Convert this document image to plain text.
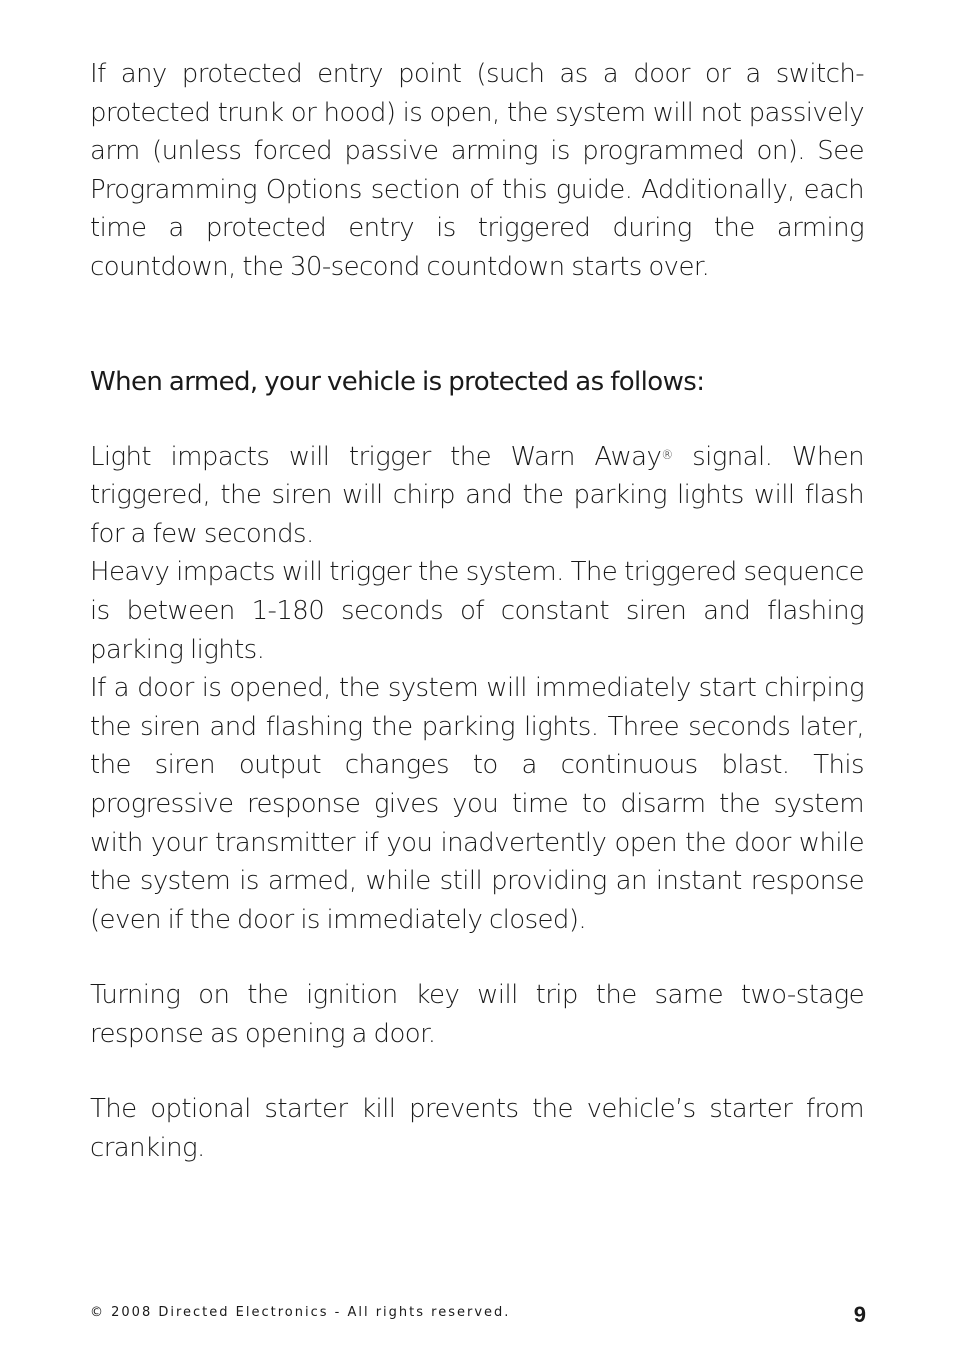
If any protected entry point (such as a door or a switch-protected trunk or hood) is open, the system will not passively arm (unless forced passive arming is programmed on). See Programming Options section of this guide. Additionally, each time a protected entry is triggered during the arming countdown, the 30-second countdown starts over.

When armed, your vehicle is protected as follows:

Light impacts will trigger the Warn Away® signal. When triggered, the siren will chirp and the parking lights will flash for a few seconds.

Heavy impacts will trigger the system. The triggered sequence is between 1-180 seconds of constant siren and flashing parking lights.

If a door is opened, the system will immediately start chirping the siren and flashing the parking lights. Three seconds later, the siren output changes to a continuous blast. This progressive response gives you time to disarm the system with your transmitter if you inadvertently open the door while the system is armed, while still providing an instant response (even if the door is immediately closed).

Turning on the ignition key will trip the same two-stage response as opening a door.

The optional starter kill prevents the vehicle’s starter from cranking.

© 2008 Directed Electronics - All rights reserved.	9
